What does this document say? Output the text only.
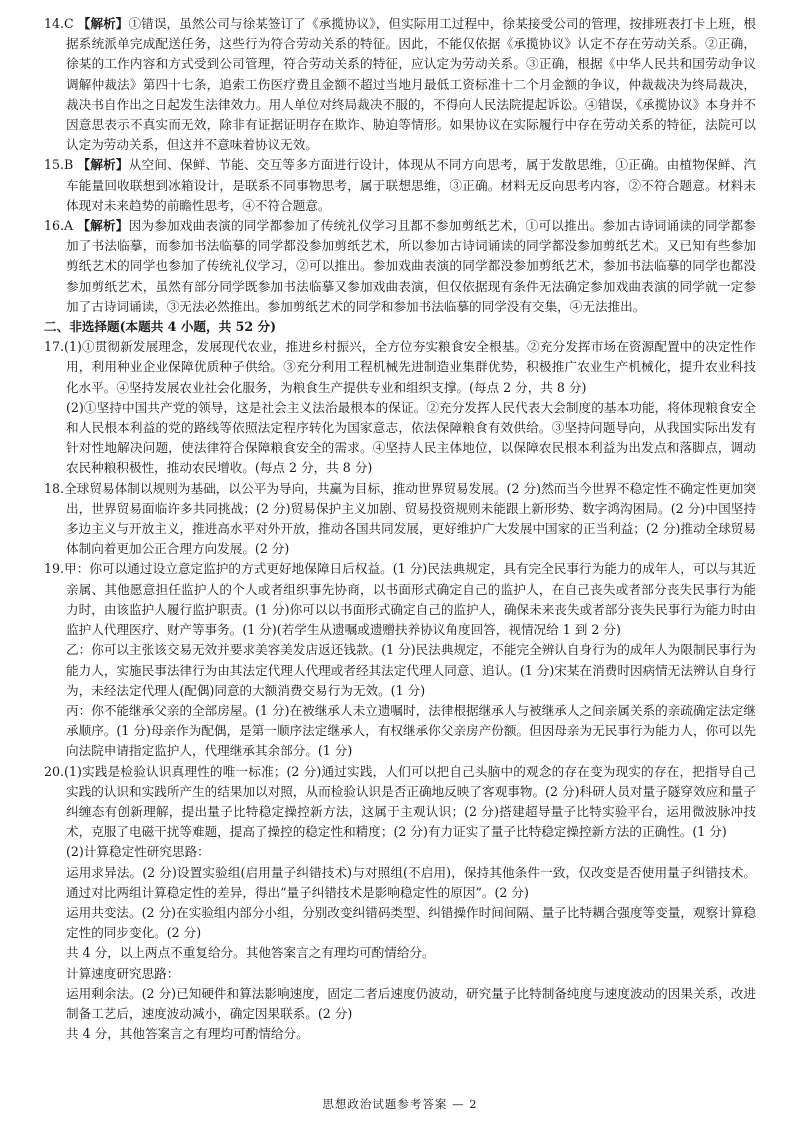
14.C 【解析】①错误，虽然公司与徐某签订了《承揽协议》，但实际用工过程中，徐某接受公司的管理，按排班表打卡上班，根据系统派单完成配送任务，这些行为符合劳动关系的特征。因此，不能仅依据《承揽协议》认定不存在劳动关系。②正确，徐某的工作内容和方式受到公司管理，符合劳动关系的特征，应认定为劳动关系。③正确，根据《中华人民共和国劳动争议调解仲裁法》第四十七条，追索工伤医疗费且金额不超过当地月最低工资标准十二个月金额的争议，仲裁裁决为终局裁决，裁决书自作出之日起发生法律效力。用人单位对终局裁决不服的，不得向人民法院提起诉讼。④错误，《承揽协议》本身并不因意思表示不真实而无效，除非有证据证明存在欺诈、胁迫等情形。如果协议在实际履行中存在劳动关系的特征，法院可以认定为劳动关系，但这并不意味着协议无效。

15.B 【解析】从空间、保鲜、节能、交互等多方面进行设计，体现从不同方向思考，属于发散思维，①正确。由植物保鲜、汽车能量回收联想到冰箱设计，是联系不同事物思考，属于联想思维，③正确。材料无反向思考内容，②不符合题意。材料未体现对未来趋势的前瞻性思考，④不符合题意。

16.A 【解析】因为参加戏曲表演的同学都参加了传统礼仪学习且都不参加剪纸艺术，①可以推出。参加古诗词诵读的同学都参加了书法临摹，而参加书法临摹的同学都没参加剪纸艺术，所以参加古诗词诵读的同学都没参加剪纸艺术。又已知有些参加剪纸艺术的同学也参加了传统礼仪学习，②可以推出。参加戏曲表演的同学都没参加剪纸艺术，参加书法临摹的同学也都没参加剪纸艺术，虽然有部分同学既参加书法临摹又参加戏曲表演，但仅依据现有条件无法确定参加戏曲表演的同学就一定参加了古诗词诵读，③无法必然推出。参加剪纸艺术的同学和参加书法临摹的同学没有交集，④无法推出。

二、非选择题(本题共 4 小题，共 52 分)

17.(1)①贯彻新发展理念，发展现代农业，推进乡村振兴，全方位夯实粮食安全根基。②充分发挥市场在资源配置中的决定性作用，利用种业企业保障优质种子供给。③充分利用工程机械先进制造业集群优势，积极推广农业生产机械化，提升农业科技化水平。④坚持发展农业社会化服务，为粮食生产提供专业和组织支撑。(每点 2 分，共 8 分)

(2)①坚持中国共产党的领导，这是社会主义法治最根本的保证。②充分发挥人民代表大会制度的基本功能，将体现粮食安全和人民根本利益的党的路线等依照法定程序转化为国家意志，依法保障粮食有效供给。③坚持问题导向，从我国实际出发有针对性地解决问题，使法律符合保障粮食安全的需求。④坚持人民主体地位，以保障农民根本利益为出发点和落脚点，调动农民种粮积极性，推动农民增收。(每点 2 分，共 8 分)

18.全球贸易体制以规则为基础，以公平为导向，共赢为目标，推动世界贸易发展。(2 分)然而当今世界不稳定性不确定性更加突出，世界贸易面临许多共同挑战；(2 分)贸易保护主义加剧、贸易投资规则未能跟上新形势、数字鸿沟困局。(2 分)中国坚持多边主义与开放主义，推进高水平对外开放，推动各国共同发展，更好维护广大发展中国家的正当利益；(2 分)推动全球贸易体制向着更加公正合理方向发展。(2 分)

19.甲：你可以通过设立意定监护的方式更好地保障日后权益。(1 分)民法典规定，具有完全民事行为能力的成年人，可以与其近亲属、其他愿意担任监护人的个人或者组织事先协商，以书面形式确定自己的监护人，在自己丧失或者部分丧失民事行为能力时，由该监护人履行监护职责。(1 分)你可以以书面形式确定自己的监护人，确保未来丧失或者部分丧失民事行为能力时由监护人代理医疗、财产等事务。(1 分)(若学生从遗嘱或遗赠扶养协议角度回答，视情况给 1 到 2 分)

乙：你可以主张该交易无效并要求美容美发店返还钱款。(1 分)民法典规定，不能完全辨认自身行为的成年人为限制民事行为能力人，实施民事法律行为由其法定代理人代理或者经其法定代理人同意、追认。(1 分)宋某在消费时因病情无法辨认自身行为，未经法定代理人(配偶)同意的大额消费交易行为无效。(1 分)

丙：你不能继承父亲的全部房屋。(1 分)在被继承人未立遗嘱时，法律根据继承人与被继承人之间亲属关系的亲疏确定法定继承顺序。(1 分)母亲作为配偶，是第一顺序法定继承人，有权继承你父亲房产份额。但因母亲为无民事行为能力人，你可以先向法院申请指定监护人，代理继承其余部分。(1 分)

20.(1)实践是检验认识真理性的唯一标准；(2 分)通过实践，人们可以把自己头脑中的观念的存在变为现实的存在，把指导自己实践的认识和实践所产生的结果加以对照，从而检验认识是否正确地反映了客观事物。(2 分)科研人员对量子隧穿效应和量子纠缠态有创新理解，提出量子比特稳定操控新方法，这属于主观认识；(2 分)搭建超导量子比特实验平台，运用微波脉冲技术，克服了电磁干扰等难题，提高了操控的稳定性和精度；(2 分)有力证实了量子比特稳定操控新方法的正确性。(1 分)

(2)计算稳定性研究思路：

运用求异法。(2 分)设置实验组(启用量子纠错技术)与对照组(不启用)，保持其他条件一致，仅改变是否使用量子纠错技术。通过对比两组计算稳定性的差异，得出“量子纠错技术是影响稳定性的原因”。(2 分)

运用共变法。(2 分)在实验组内部分小组，分别改变纠错码类型、纠错操作时间间隔、量子比特耦合强度等变量，观察计算稳定性的同步变化。(2 分)

共 4 分，以上两点不重复给分。其他答案言之有理均可酌情给分。

计算速度研究思路：

运用剩余法。(2 分)已知硬件和算法影响速度，固定二者后速度仍波动，研究量子比特制备纯度与速度波动的因果关系，改进制备工艺后，速度波动减小，确定因果联系。(2 分)

共 4 分，其他答案言之有理均可酌情给分。

思想政治试题参考答案 — 2
